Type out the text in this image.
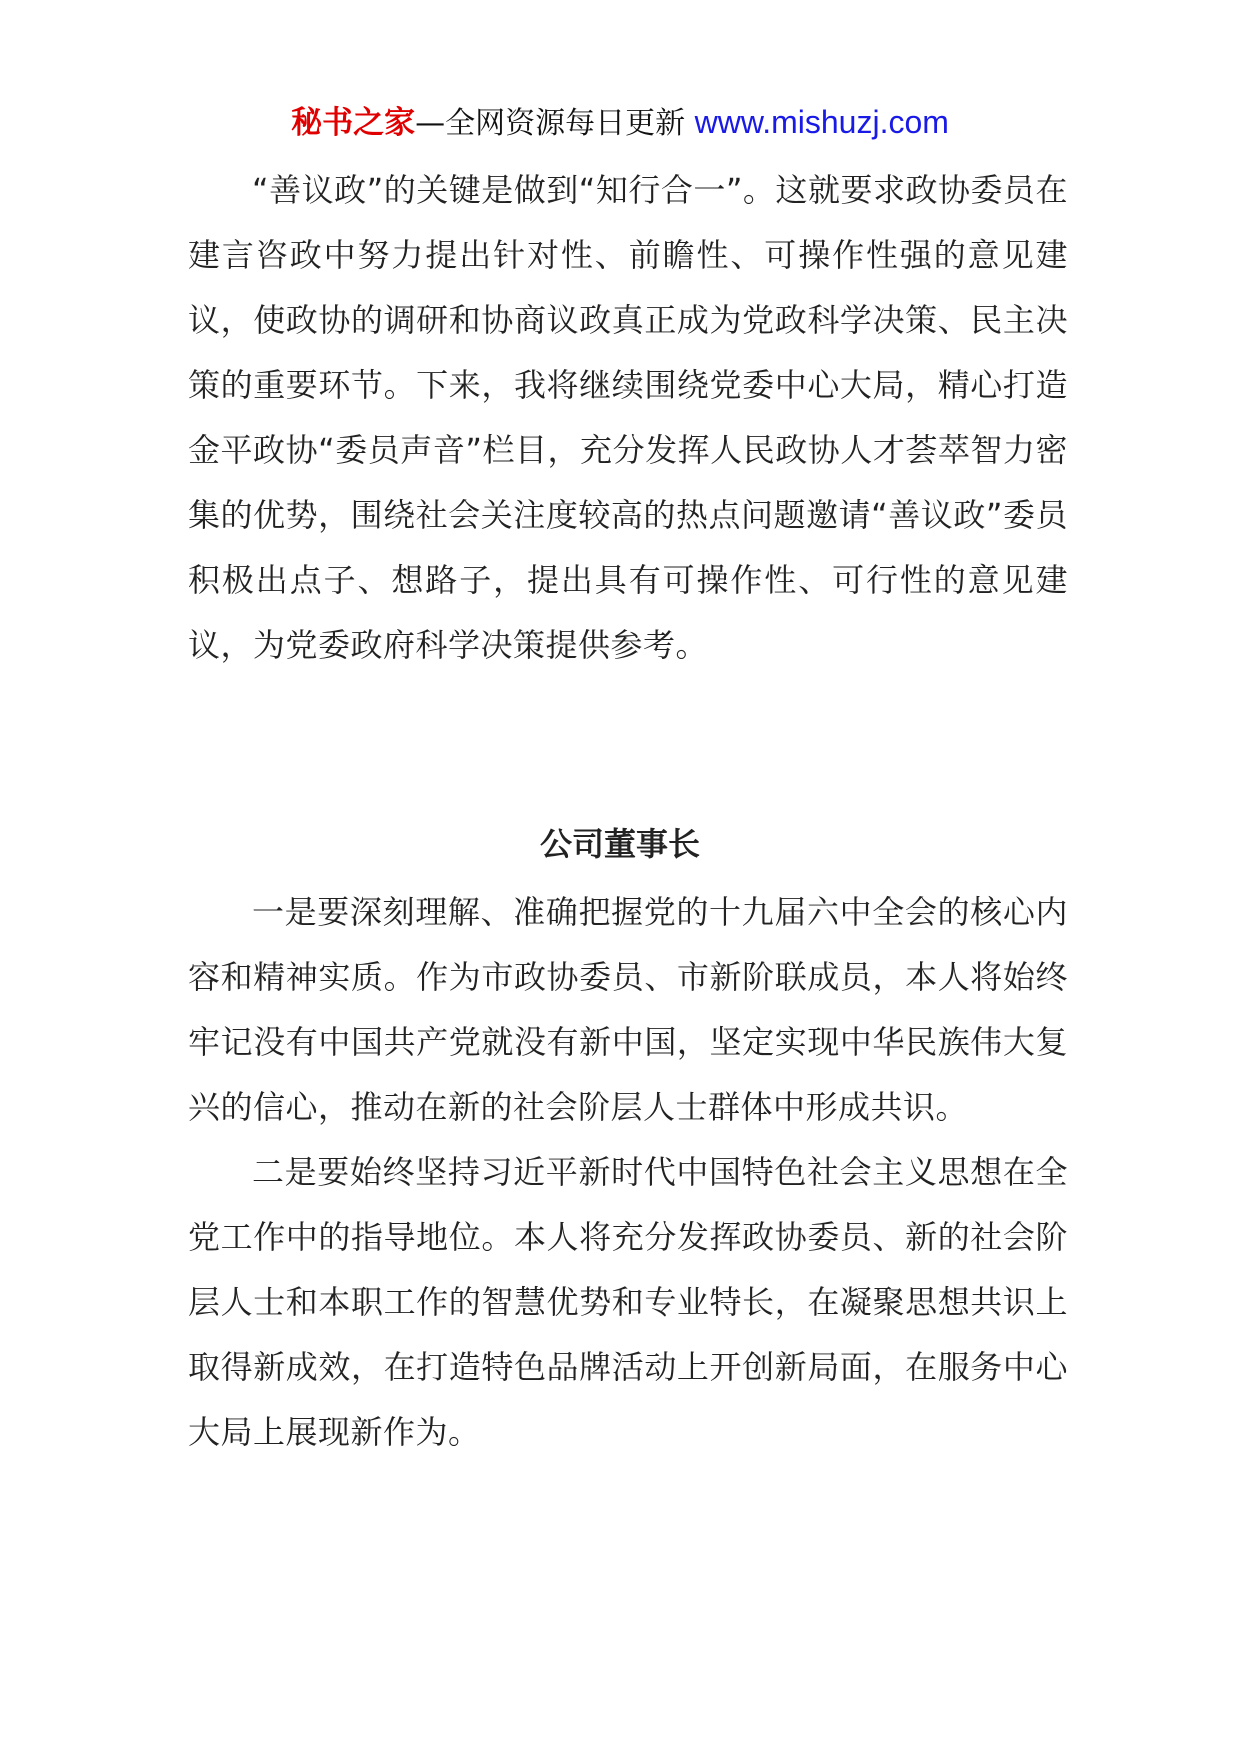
秘书之家—全网资源每日更新 www.mishuzj.com

“善议政”的关键是做到“知行合一”。这就要求政协委员在建言咨政中努力提出针对性、前瞻性、可操作性强的意见建议，使政协的调研和协商议政真正成为党政科学决策、民主决策的重要环节。下来，我将继续围绕党委中心大局，精心打造金平政协“委员声音”栏目，充分发挥人民政协人才荟萃智力密集的优势，围绕社会关注度较高的热点问题邀请“善议政”委员积极出点子、想路子，提出具有可操作性、可行性的意见建议，为党委政府科学决策提供参考。

公司董事长

一是要深刻理解、准确把握党的十九届六中全会的核心内容和精神实质。作为市政协委员、市新阶联成员，本人将始终牢记没有中国共产党就没有新中国，坚定实现中华民族伟大复兴的信心，推动在新的社会阶层人士群体中形成共识。

二是要始终坚持习近平新时代中国特色社会主义思想在全党工作中的指导地位。本人将充分发挥政协委员、新的社会阶层人士和本职工作的智慧优势和专业特长，在凝聚思想共识上取得新成效，在打造特色品牌活动上开创新局面，在服务中心大局上展现新作为。
